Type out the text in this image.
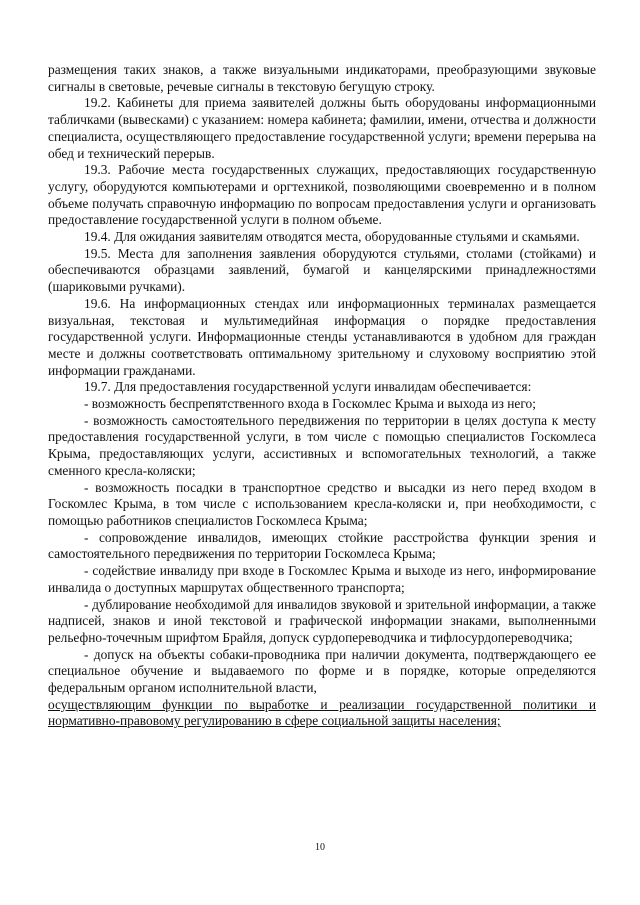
размещения таких знаков, а также визуальными индикаторами, преобразующими звуковые сигналы в световые, речевые сигналы в текстовую бегущую строку.

19.2. Кабинеты для приема заявителей должны быть оборудованы информационными табличками (вывесками) с указанием: номера кабинета; фамилии, имени, отчества и должности специалиста, осуществляющего предоставление государственной услуги; времени перерыва на обед и технический перерыв.

19.3. Рабочие места государственных служащих, предоставляющих государственную услугу, оборудуются компьютерами и оргтехникой, позволяющими своевременно и в полном объеме получать справочную информацию по вопросам предоставления услуги и организовать предоставление государственной услуги в полном объеме.

19.4. Для ожидания заявителям отводятся места, оборудованные стульями и скамьями.

19.5. Места для заполнения заявления оборудуются стульями, столами (стойками) и обеспечиваются образцами заявлений, бумагой и канцелярскими принадлежностями (шариковыми ручками).

19.6. На информационных стендах или информационных терминалах размещается визуальная, текстовая и мультимедийная информация о порядке предоставления государственной услуги. Информационные стенды устанавливаются в удобном для граждан месте и должны соответствовать оптимальному зрительному и слуховому восприятию этой информации гражданами.

19.7. Для предоставления государственной услуги инвалидам обеспечивается:

- возможность беспрепятственного входа в Госкомлес Крыма и выхода из него;

- возможность самостоятельного передвижения по территории в целях доступа к месту предоставления государственной услуги, в том числе с помощью специалистов Госкомлеса Крыма, предоставляющих услуги, ассистивных и вспомогательных технологий, а также сменного кресла-коляски;

- возможность посадки в транспортное средство и высадки из него перед входом в Госкомлес Крыма, в том числе с использованием кресла-коляски и, при необходимости, с помощью работников специалистов Госкомлеса Крыма;

- сопровождение инвалидов, имеющих стойкие расстройства функции зрения и самостоятельного передвижения по территории Госкомлеса Крыма;

- содействие инвалиду при входе в Госкомлес Крыма и выходе из него, информирование инвалида о доступных маршрутах общественного транспорта;

- дублирование необходимой для инвалидов звуковой и зрительной информации, а также надписей, знаков и иной текстовой и графической информации знаками, выполненными рельефно-точечным шрифтом Брайля, допуск сурдопереводчика и тифлосурдопереводчика;

- допуск на объекты собаки-проводника при наличии документа, подтверждающего ее специальное обучение и выдаваемого по форме и в порядке, которые определяются федеральным органом исполнительной власти,

осуществляющим функции по выработке и реализации государственной политики и нормативно-правовому регулированию в сфере социальной защиты населения;

10
